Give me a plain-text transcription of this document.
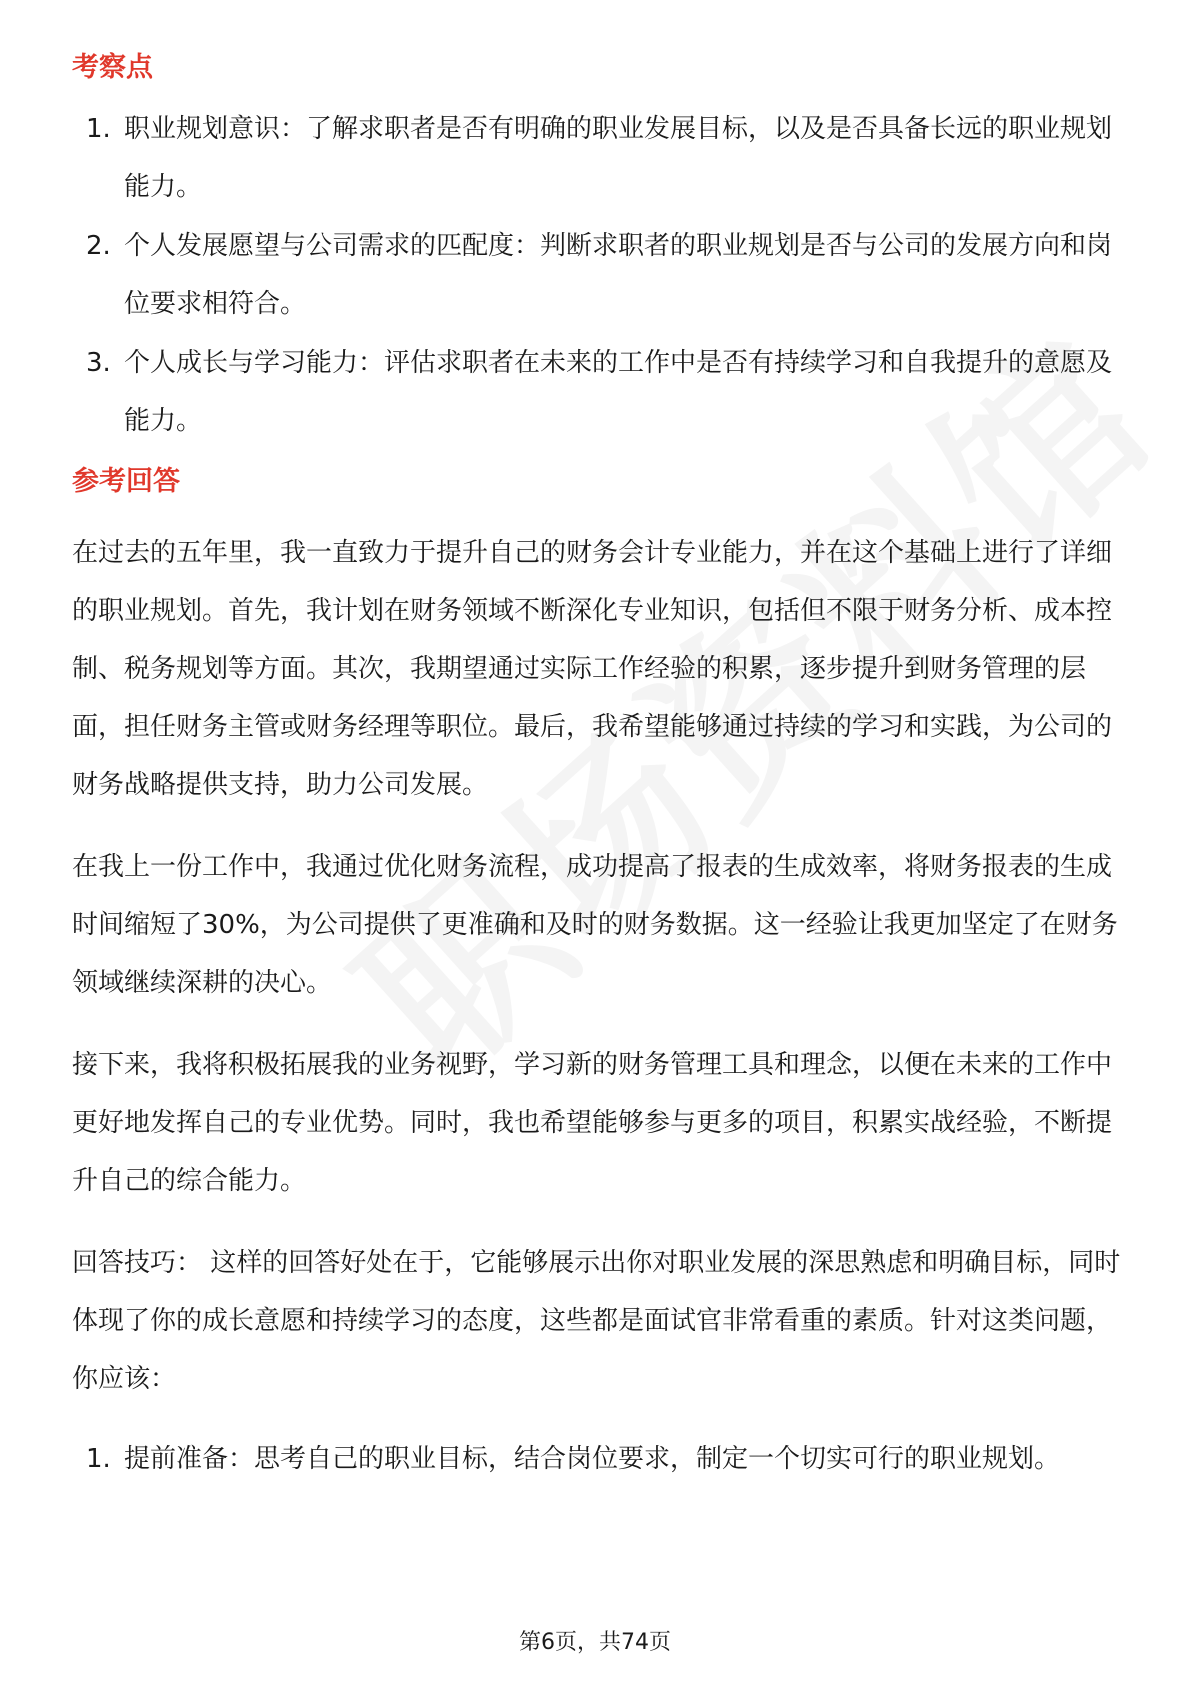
考察点
1. 职业规划意识：了解求职者是否有明确的职业发展目标，以及是否具备长远的职业规划能力。
2. 个人发展愿望与公司需求的匹配度：判断求职者的职业规划是否与公司的发展方向和岗位要求相符合。
3. 个人成长与学习能力：评估求职者在未来的工作中是否有持续学习和自我提升的意愿及能力。
参考回答

在过去的五年里，我一直致力于提升自己的财务会计专业能力，并在这个基础上进行了详细的职业规划。首先，我计划在财务领域不断深化专业知识，包括但不限于财务分析、成本控制、税务规划等方面。其次，我期望通过实际工作经验的积累，逐步提升到财务管理的层面，担任财务主管或财务经理等职位。最后，我希望能够通过持续的学习和实践，为公司的财务战略提供支持，助力公司发展。

在我上一份工作中，我通过优化财务流程，成功提高了报表的生成效率，将财务报表的生成时间缩短了30%，为公司提供了更准确和及时的财务数据。这一经验让我更加坚定了在财务领域继续深耕的决心。

接下来，我将积极拓展我的业务视野，学习新的财务管理工具和理念，以便在未来的工作中更好地发挥自己的专业优势。同时，我也希望能够参与更多的项目，积累实战经验，不断提升自己的综合能力。

回答技巧： 这样的回答好处在于，它能够展示出你对职业发展的深思熟虑和明确目标，同时体现了你的成长意愿和持续学习的态度，这些都是面试官非常看重的素质。针对这类问题，你应该：

1. 提前准备：思考自己的职业目标，结合岗位要求，制定一个切实可行的职业规划。
第6页，共74页
